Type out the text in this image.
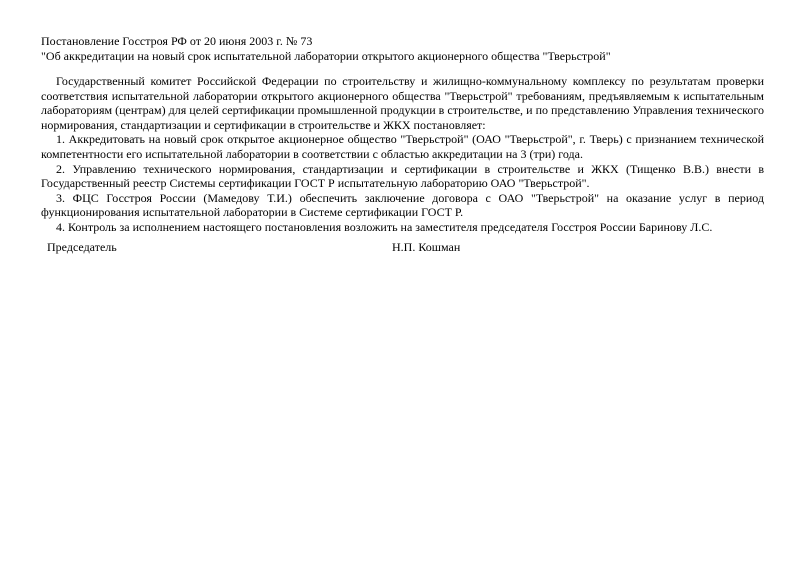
Постановление Госстроя РФ от 20 июня 2003 г. № 73
"Об аккредитации на новый срок испытательной лаборатории открытого акционерного общества "Тверьстрой"

Государственный комитет Российской Федерации по строительству и жилищно-коммунальному комплексу по результатам проверки соответствия испытательной лаборатории открытого акционерного общества "Тверьстрой" требованиям, предъявляемым к испытательным лабораториям (центрам) для целей сертификации промышленной продукции в строительстве, и по представлению Управления технического нормирования, стандартизации и сертификации в строительстве и ЖКХ постановляет:

1. Аккредитовать на новый срок открытое акционерное общество "Тверьстрой" (ОАО "Тверьстрой", г. Тверь) с признанием технической компетентности его испытательной лаборатории в соответствии с областью аккредитации на 3 (три) года.

2. Управлению технического нормирования, стандартизации и сертификации в строительстве и ЖКХ (Тищенко В.В.) внести в Государственный реестр Системы сертификации ГОСТ Р испытательную лабораторию ОАО "Тверьстрой".

3. ФЦС Госстроя России (Мамедову Т.И.) обеспечить заключение договора с ОАО "Тверьстрой" на оказание услуг в период функционирования испытательной лаборатории в Системе сертификации ГОСТ Р.

4. Контроль за исполнением настоящего постановления возложить на заместителя председателя Госстроя России Баринову Л.С.

Председатель	Н.П. Кошман
